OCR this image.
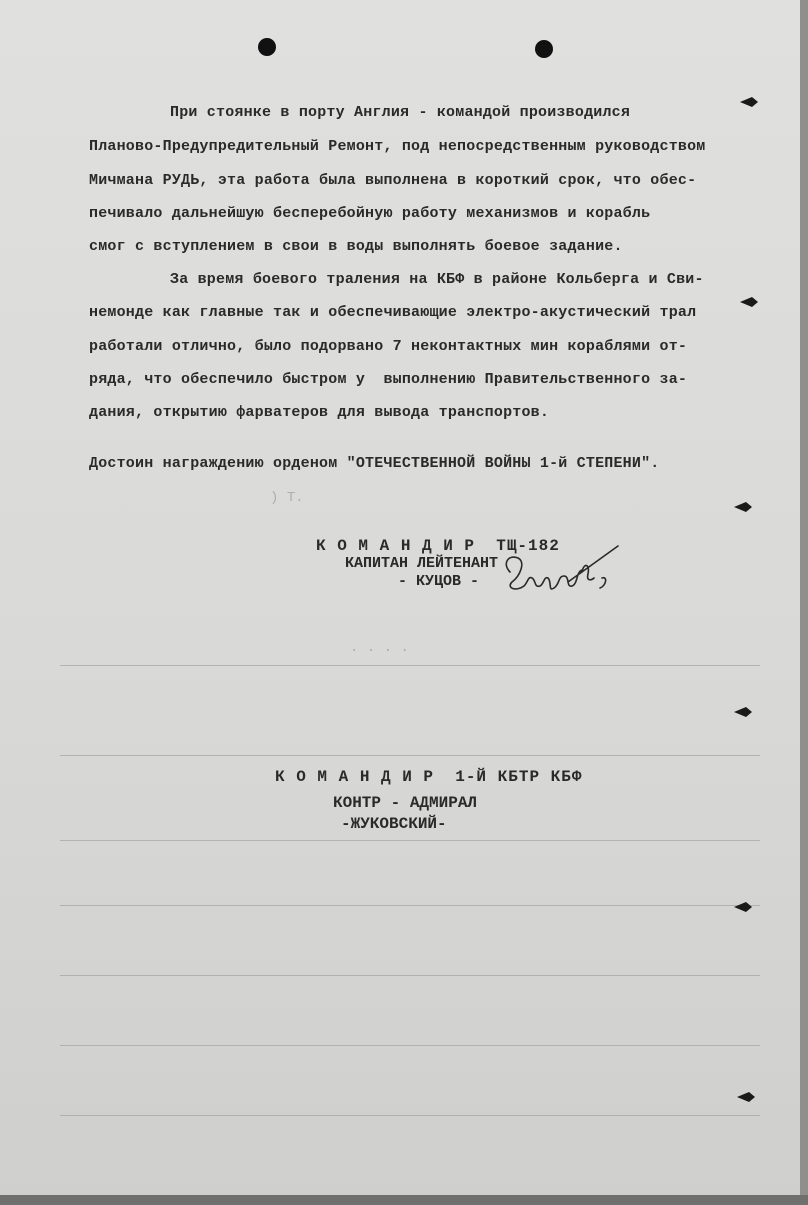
.T (
. . . .
При стоянке в порту Англия - командой производился
Планово-Предупредительный Ремонт, под непосредственным руководством
Мичмана РУДЬ, эта работа была выполнена в короткий срок, что обес-
печивало дальнейшую бесперебойную работу механизмов и корабль
смог с вступлением в свои в воды выполнять боевое задание.
За время боевого траления на КБФ в районе Кольберга и Сви-
немонде как главные так и обеспечивающие электро-акустический трал
работали отлично, было подорвано 7 неконтактных мин кораблями от-
ряда, что обеспечило быстром у  выполнению Правительственного за-
дания, открытию фарватеров для вывода транспортов.
Достоин награждению орденом "ОТЕЧЕСТВЕННОЙ ВОЙНЫ 1-й СТЕПЕНИ".
К О М А Н Д И Р  ТЩ-182
КАПИТАН ЛЕЙТЕНАНТ
- КУЦОВ -
К О М А Н Д И Р  1-Й КБТР КБФ
КОНТР - АДМИРАЛ
-ЖУКОВСКИЙ-
